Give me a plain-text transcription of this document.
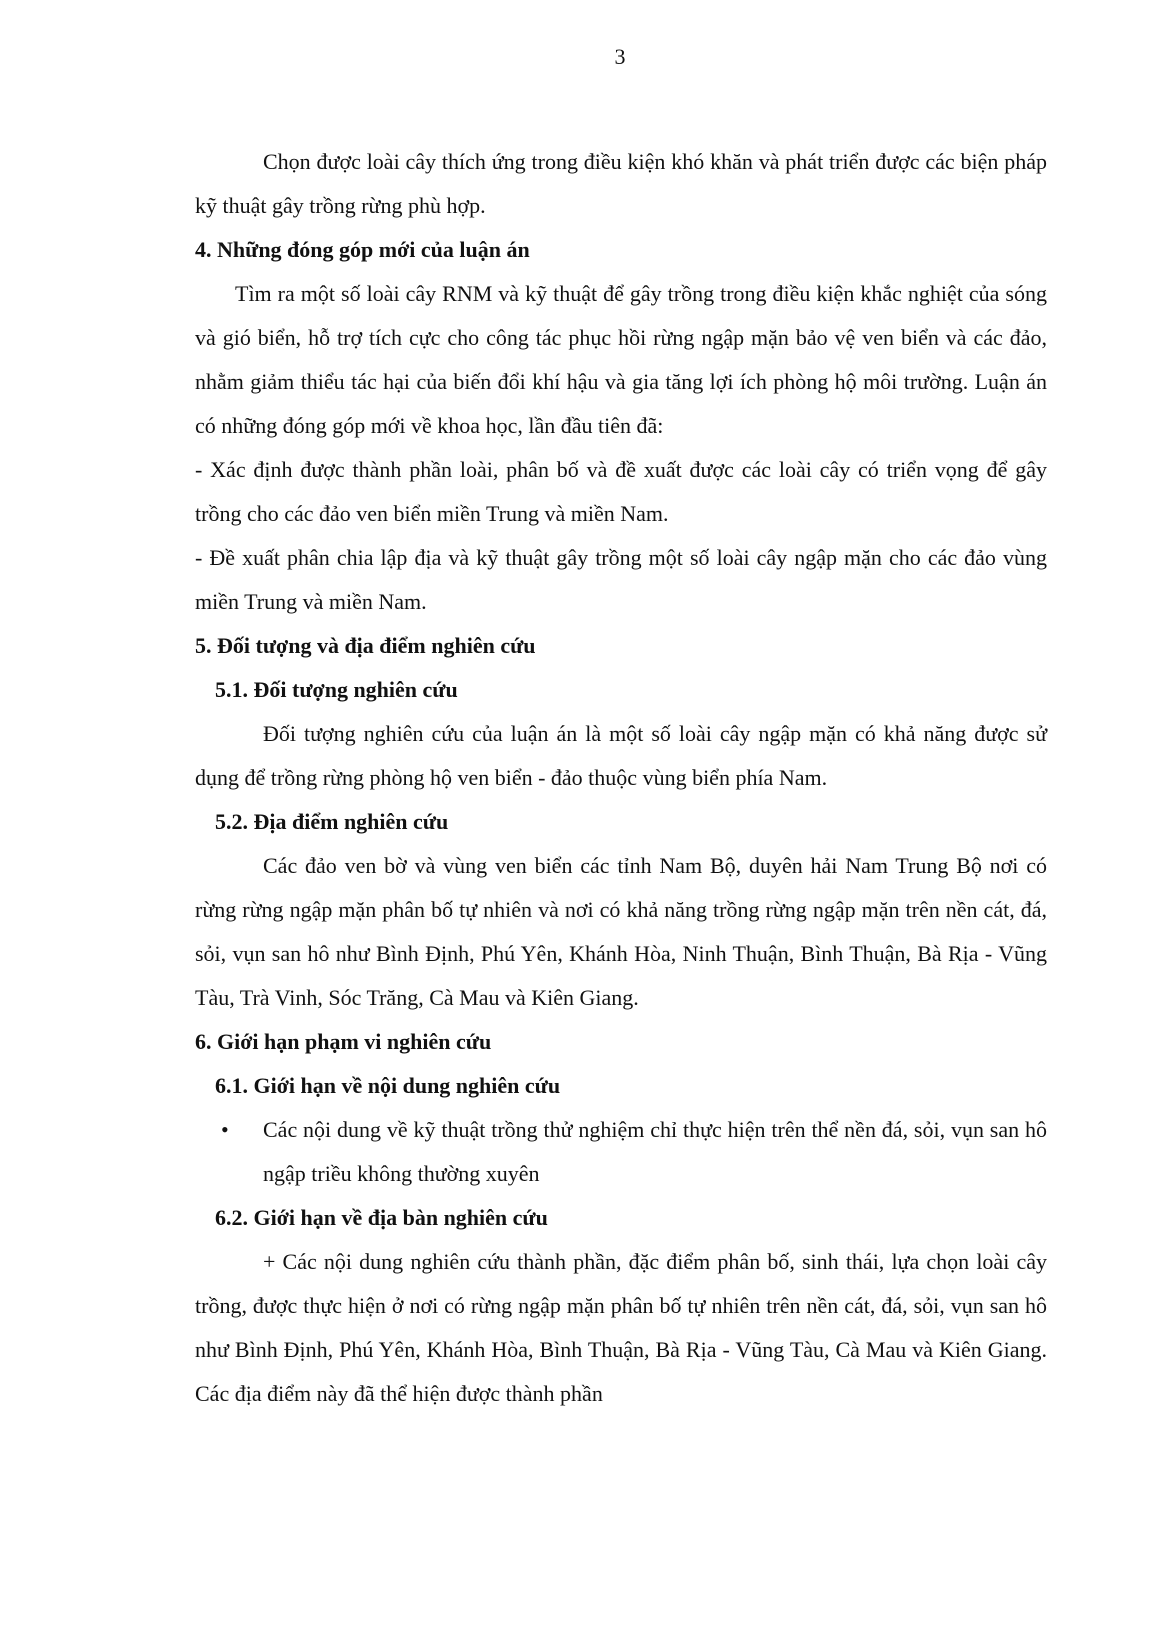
3

Chọn được loài cây thích ứng trong điều kiện khó khăn và phát triển được các biện pháp kỹ thuật gây trồng rừng phù hợp.

4. Những đóng góp mới của luận án

Tìm ra một số loài cây RNM và kỹ thuật để gây trồng trong điều kiện khắc nghiệt của sóng và gió biển, hỗ trợ tích cực cho công tác phục hồi rừng ngập mặn bảo vệ ven biển và các đảo, nhằm giảm thiểu tác hại của biến đổi khí hậu và gia tăng lợi ích phòng hộ môi trường. Luận án có những đóng góp mới về khoa học, lần đầu tiên đã:

- Xác định được thành phần loài, phân bố và đề xuất được các loài cây có triển vọng để gây trồng cho các đảo ven biển miền Trung và miền Nam.

- Đề xuất phân chia lập địa và kỹ thuật gây trồng một số loài cây ngập mặn cho các đảo vùng miền Trung và miền Nam.

5. Đối tượng và địa điểm nghiên cứu

5.1. Đối tượng nghiên cứu

Đối tượng nghiên cứu của luận án là một số loài cây ngập mặn có khả năng được sử dụng để trồng rừng phòng hộ ven biển - đảo thuộc vùng biển phía Nam.

5.2. Địa điểm nghiên cứu

Các đảo ven bờ và vùng ven biển các tỉnh Nam Bộ, duyên hải Nam Trung Bộ nơi có rừng rừng ngập mặn phân bố tự nhiên và nơi có khả năng trồng rừng ngập mặn trên nền cát, đá, sỏi, vụn san hô như Bình Định, Phú Yên, Khánh Hòa, Ninh Thuận, Bình Thuận, Bà Rịa - Vũng Tàu, Trà Vinh, Sóc Trăng, Cà Mau và Kiên Giang.

6. Giới hạn phạm vi nghiên cứu

6.1. Giới hạn về nội dung nghiên cứu

• Các nội dung về kỹ thuật trồng thử nghiệm chỉ thực hiện trên thể nền đá, sỏi, vụn san hô ngập triều không thường xuyên

6.2. Giới hạn về địa bàn nghiên cứu

+ Các nội dung nghiên cứu thành phần, đặc điểm phân bố, sinh thái, lựa chọn loài cây trồng, được thực hiện ở nơi có rừng ngập mặn phân bố tự nhiên trên nền cát, đá, sỏi, vụn san hô như Bình Định, Phú Yên, Khánh Hòa, Bình Thuận, Bà Rịa - Vũng Tàu, Cà Mau và Kiên Giang. Các địa điểm này đã thể hiện được thành phần
